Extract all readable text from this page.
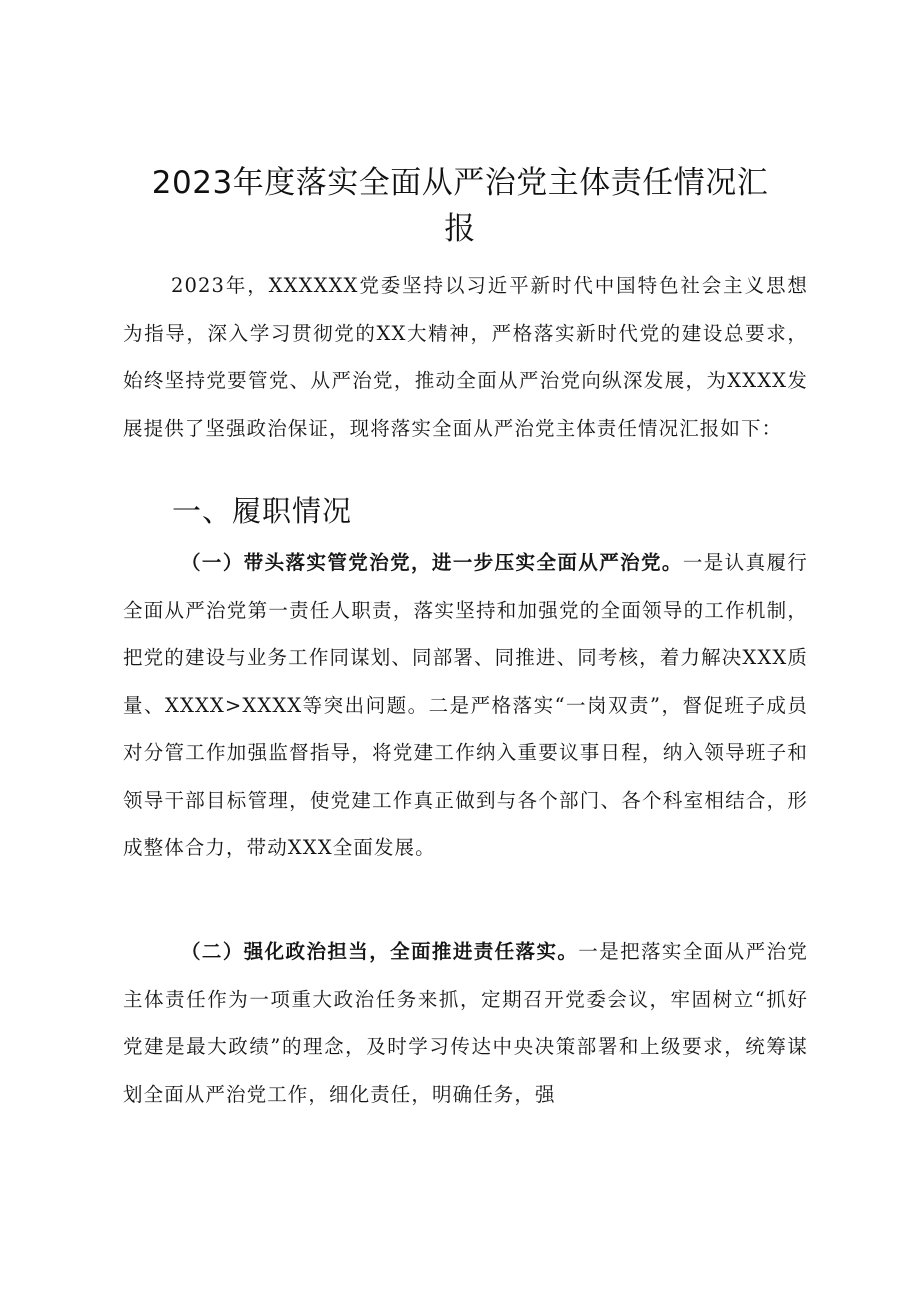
2023年度落实全面从严治党主体责任情况汇
报
2023年，XXXXXX党委坚持以习近平新时代中国特色社会主义思想为指导，深入学习贯彻党的XX大精神，严格落实新时代党的建设总要求，始终坚持党要管党、从严治党，推动全面从严治党向纵深发展，为XXXX发展提供了坚强政治保证，现将落实全面从严治党主体责任情况汇报如下：
一、履职情况
（一）带头落实管党治党，进一步压实全面从严治党。一是认真履行全面从严治党第一责任人职责，落实坚持和加强党的全面领导的工作机制，把党的建设与业务工作同谋划、同部署、同推进、同考核，着力解决XXX质量、XXXX>XXXX等突出问题。二是严格落实“一岗双责”，督促班子成员对分管工作加强监督指导，将党建工作纳入重要议事日程，纳入领导班子和领导干部目标管理，使党建工作真正做到与各个部门、各个科室相结合，形成整体合力，带动XXX全面发展。
（二）强化政治担当，全面推进责任落实。一是把落实全面从严治党主体责任作为一项重大政治任务来抓，定期召开党委会议，牢固树立“抓好党建是最大政绩”的理念，及时学习传达中央决策部署和上级要求，统筹谋划全面从严治党工作，细化责任，明确任务，强
